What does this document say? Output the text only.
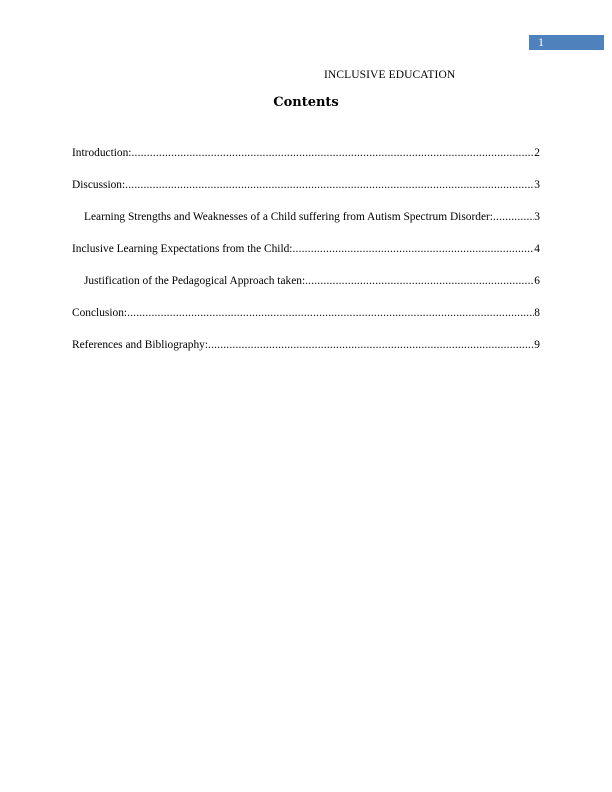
1
INCLUSIVE EDUCATION
Contents
Introduction: .....	2
Discussion: .....	3
Learning Strengths and Weaknesses of a Child suffering from Autism Spectrum Disorder: .....	3
Inclusive Learning Expectations from the Child: .....	4
Justification of the Pedagogical Approach taken: .....	6
Conclusion: .....	8
References and Bibliography: .....	9
